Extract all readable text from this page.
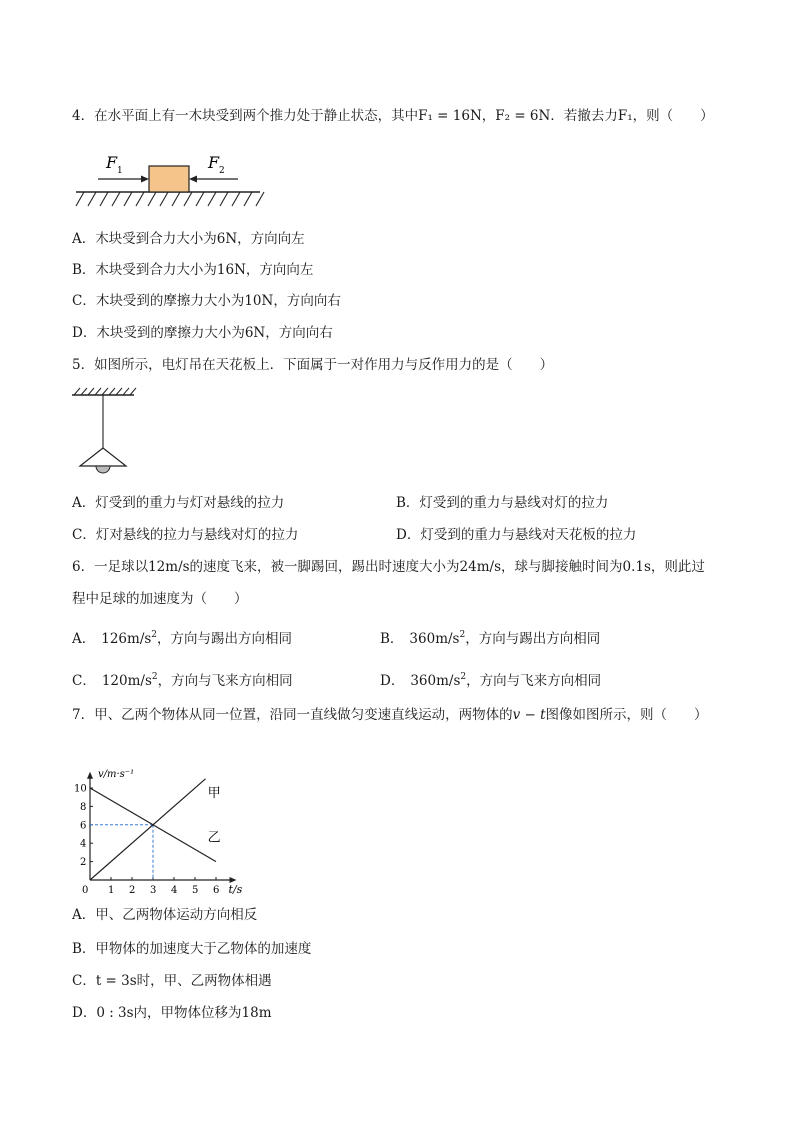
4．在水平面上有一木块受到两个推力处于静止状态，其中F₁ = 16N，F₂ = 6N．若撤去力F₁，则（　　）
F 1	F 2
A．木块受到合力大小为6N，方向向左
B．木块受到合力大小为16N，方向向左
C．木块受到的摩擦力大小为10N，方向向右
D．木块受到的摩擦力大小为6N，方向向右
5．如图所示，电灯吊在天花板上．下面属于一对作用力与反作用力的是（　　）
A．灯受到的重力与灯对悬线的拉力	B．灯受到的重力与悬线对灯的拉力
C．灯对悬线的拉力与悬线对灯的拉力	D．灯受到的重力与悬线对天花板的拉力
6．一足球以12m/s的速度飞来，被一脚踢回，踢出时速度大小为24m/s，球与脚接触时间为0.1s，则此过
程中足球的加速度为（　　）
A． $126m/s^2$，方向与踢出方向相同	B． $360m/s^2$，方向与踢出方向相同
C． $120m/s^2$，方向与飞来方向相同	D． $360m/s^2$，方向与飞来方向相同
7．甲、乙两个物体从同一位置，沿同一直线做匀变速直线运动，两物体的v − t图像如图所示，则（　　）
0 1 2 3 4 5 6
2
4
6
8
10
t/s
v/m·s⁻¹
甲
乙
A．甲、乙两物体运动方向相反
B．甲物体的加速度大于乙物体的加速度
C．t = 3s时，甲、乙两物体相遇
D．0 : 3s内，甲物体位移为18m
